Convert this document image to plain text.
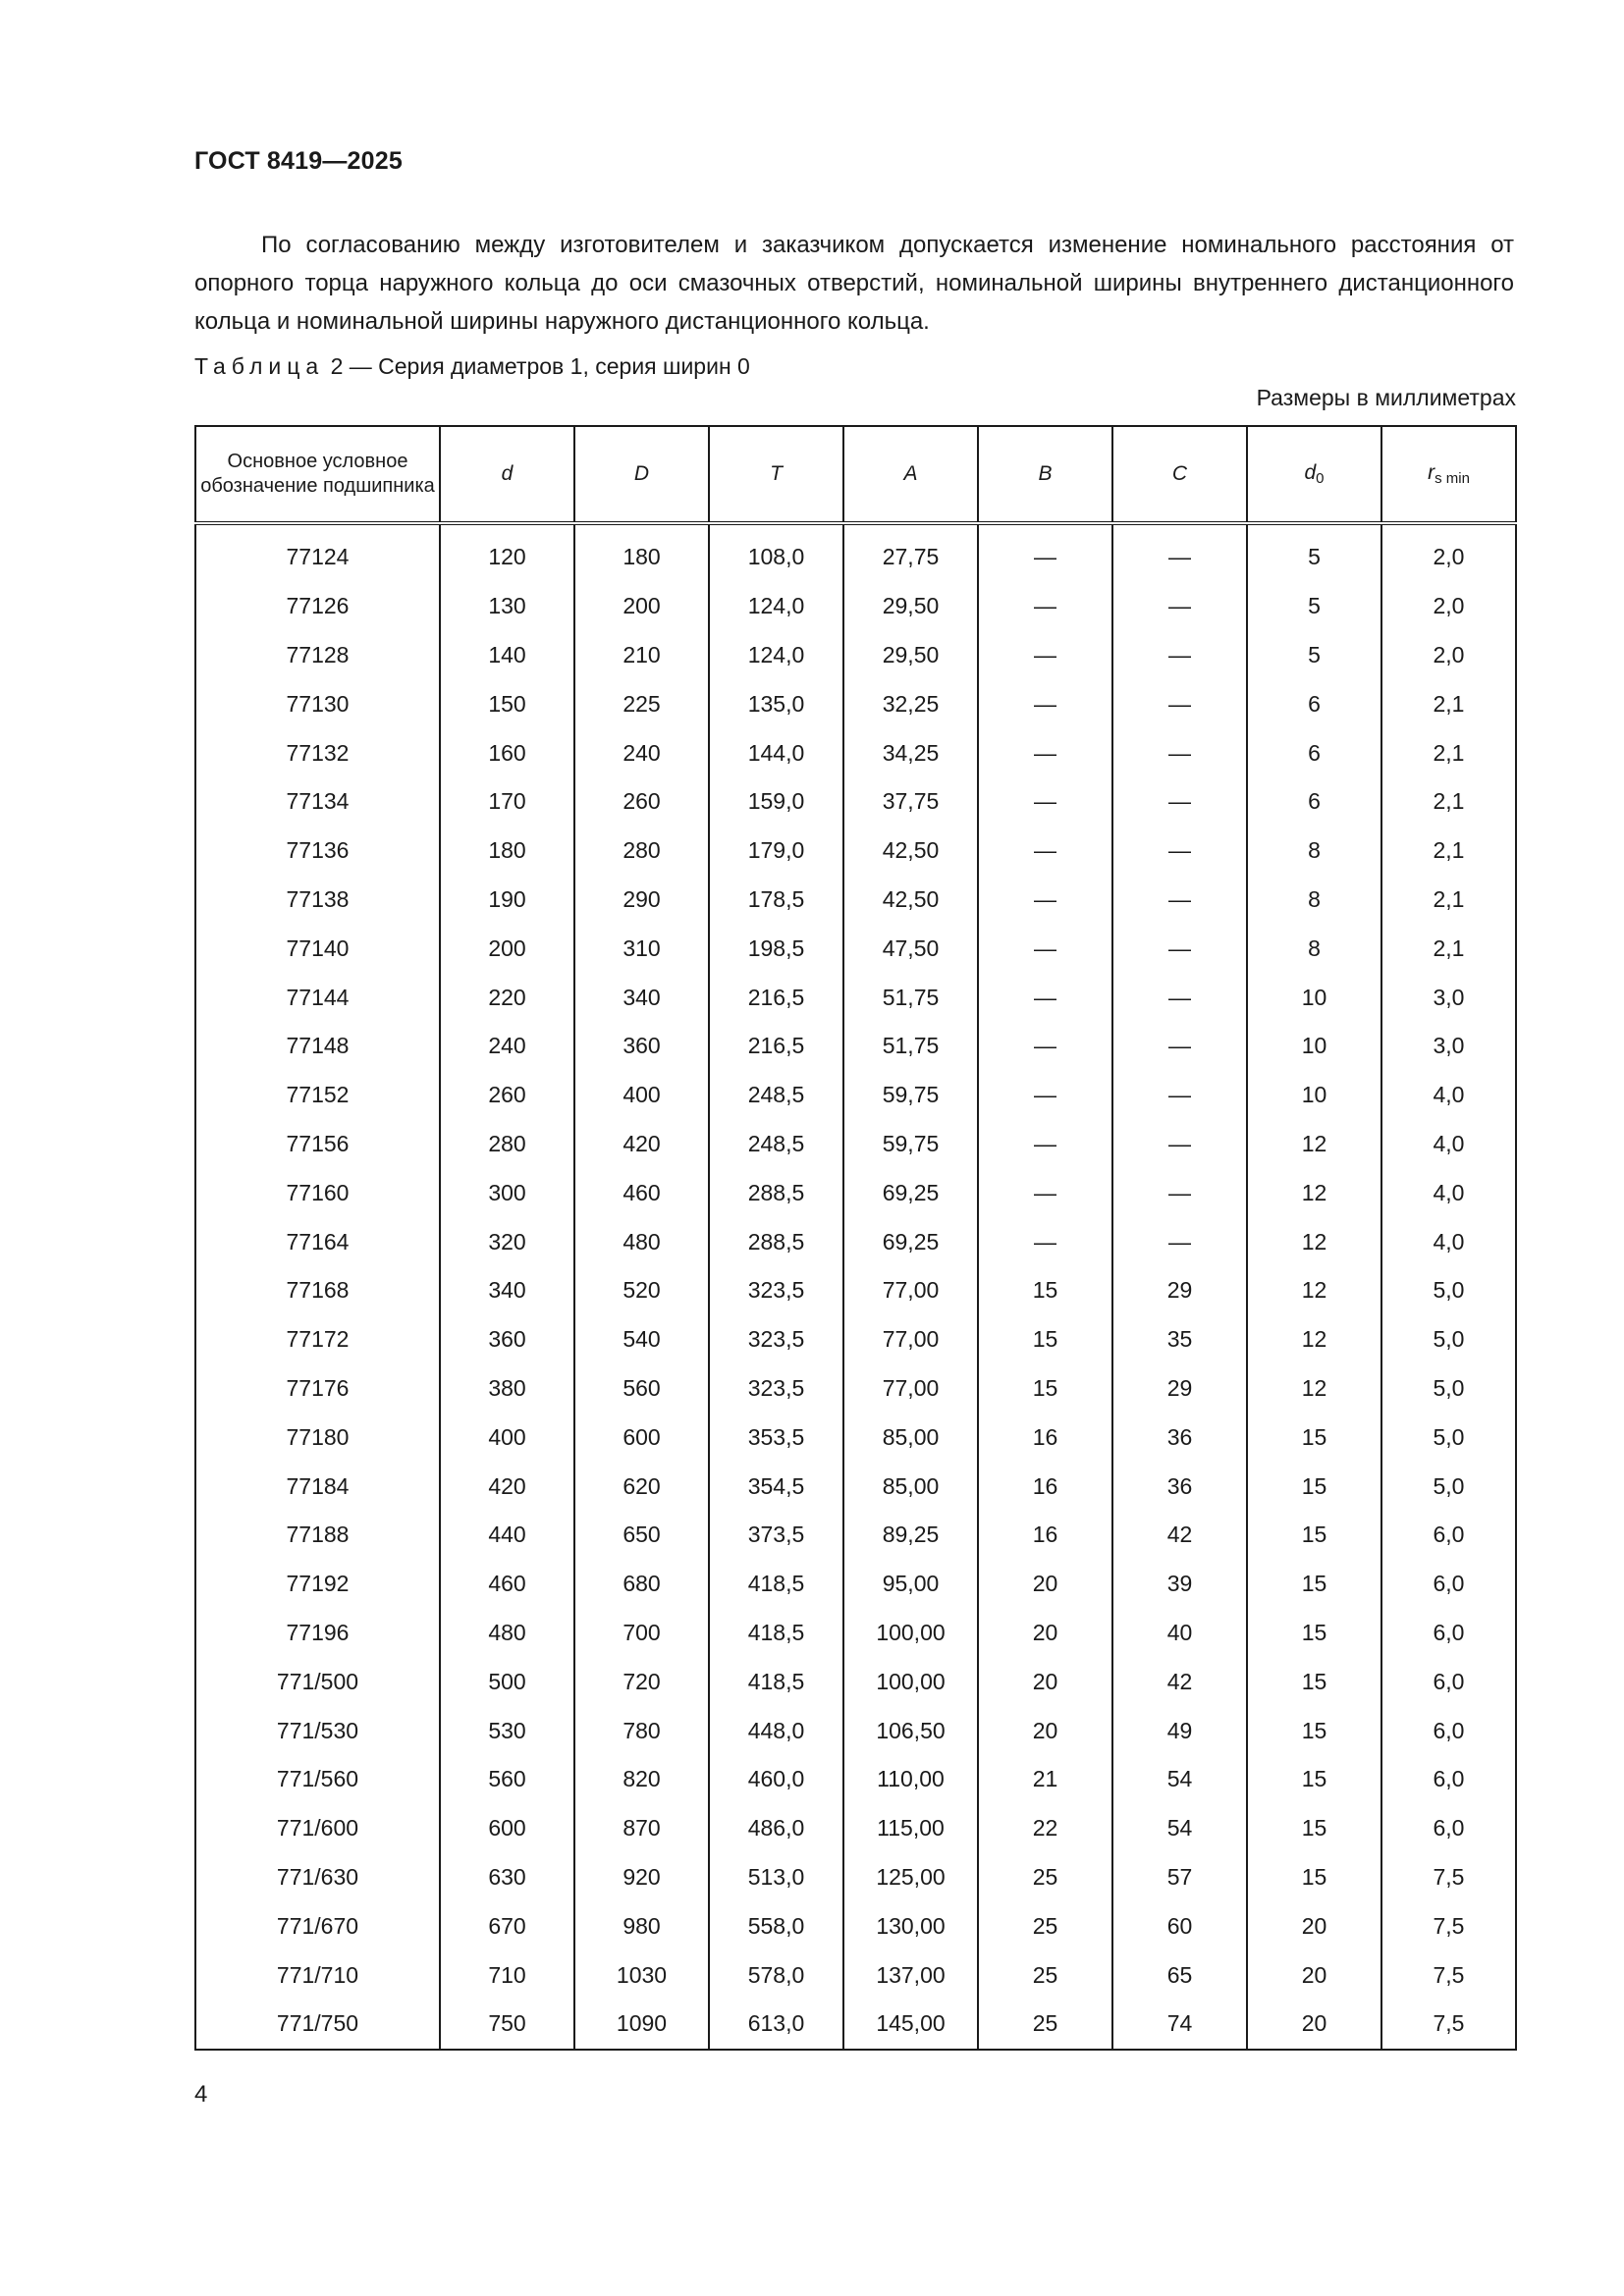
ГОСТ 8419—2025
По согласованию между изготовителем и заказчиком допускается изменение номинального расстояния от опорного торца наружного кольца до оси смазочных отверстий, номинальной ширины внутреннего дистанционного кольца и номинальной ширины наружного дистанционного кольца.
Таблица 2 — Серия диаметров 1, серия ширин 0
Размеры в миллиметрах
Основное условное обозначение подшипника	d	D	T	A	B	C	$d_0$	$r_{s min}$
77124	120	180	108,0	27,75	—	—	5	2,0
77126	130	200	124,0	29,50	—	—	5	2,0
77128	140	210	124,0	29,50	—	—	5	2,0
77130	150	225	135,0	32,25	—	—	6	2,1
77132	160	240	144,0	34,25	—	—	6	2,1
77134	170	260	159,0	37,75	—	—	6	2,1
77136	180	280	179,0	42,50	—	—	8	2,1
77138	190	290	178,5	42,50	—	—	8	2,1
77140	200	310	198,5	47,50	—	—	8	2,1
77144	220	340	216,5	51,75	—	—	10	3,0
77148	240	360	216,5	51,75	—	—	10	3,0
77152	260	400	248,5	59,75	—	—	10	4,0
77156	280	420	248,5	59,75	—	—	12	4,0
77160	300	460	288,5	69,25	—	—	12	4,0
77164	320	480	288,5	69,25	—	—	12	4,0
77168	340	520	323,5	77,00	15	29	12	5,0
77172	360	540	323,5	77,00	15	35	12	5,0
77176	380	560	323,5	77,00	15	29	12	5,0
77180	400	600	353,5	85,00	16	36	15	5,0
77184	420	620	354,5	85,00	16	36	15	5,0
77188	440	650	373,5	89,25	16	42	15	6,0
77192	460	680	418,5	95,00	20	39	15	6,0
77196	480	700	418,5	100,00	20	40	15	6,0
771/500	500	720	418,5	100,00	20	42	15	6,0
771/530	530	780	448,0	106,50	20	49	15	6,0
771/560	560	820	460,0	110,00	21	54	15	6,0
771/600	600	870	486,0	115,00	22	54	15	6,0
771/630	630	920	513,0	125,00	25	57	15	7,5
771/670	670	980	558,0	130,00	25	60	20	7,5
771/710	710	1030	578,0	137,00	25	65	20	7,5
771/750	750	1090	613,0	145,00	25	74	20	7,5
4
